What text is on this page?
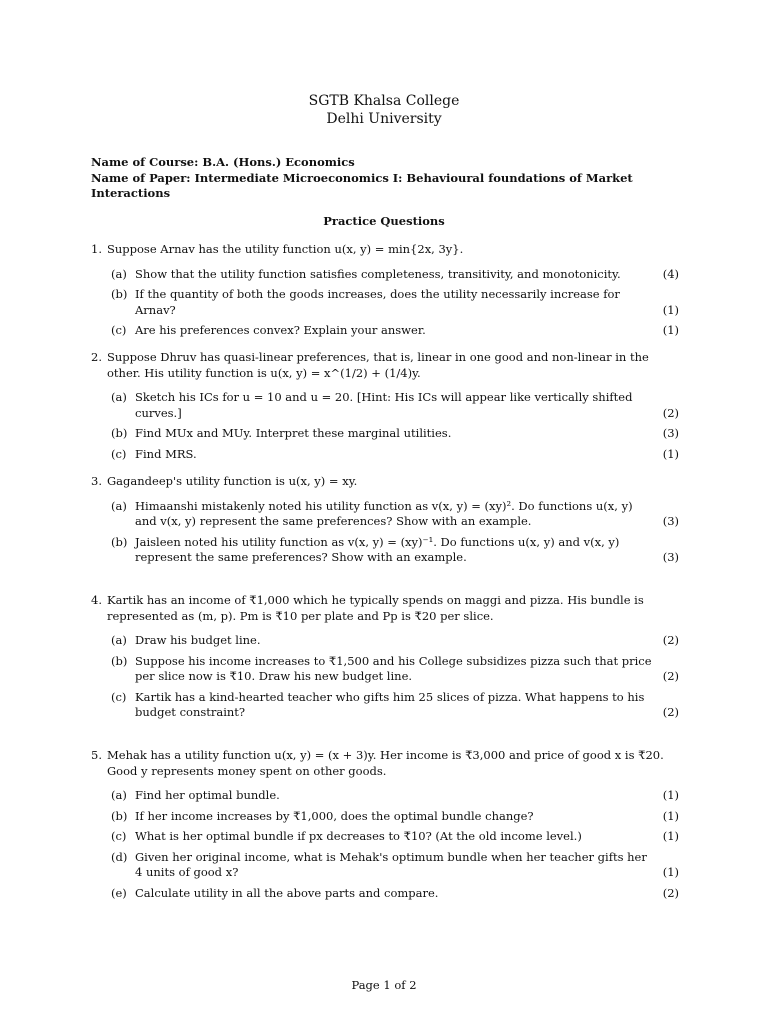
SGTB Khalsa College
Delhi University
Name of Course: B.A. (Hons.) Economics
Name of Paper: Intermediate Microeconomics I: Behavioural foundations of Market Interactions
Practice Questions
1. Suppose Arnav has the utility function u(x, y) = min{2x, 3y}.
(a) Show that the utility function satisfies completeness, transitivity, and monotonicity.	(4)
(b) If the quantity of both the goods increases, does the utility necessarily increase for Arnav?	(1)
(c) Are his preferences convex? Explain your answer.	(1)
2. Suppose Dhruv has quasi-linear preferences, that is, linear in one good and non-linear in the other. His utility function is u(x, y) = x^(1/2) + (1/4)y.
(a) Sketch his ICs for u = 10 and u = 20. [Hint: His ICs will appear like vertically shifted curves.]	(2)
(b) Find MUx and MUy. Interpret these marginal utilities.	(3)
(c) Find MRS.	(1)
3. Gagandeep's utility function is u(x, y) = xy.
(a) Himaanshi mistakenly noted his utility function as v(x, y) = (xy)². Do functions u(x, y) and v(x, y) represent the same preferences? Show with an example.	(3)
(b) Jaisleen noted his utility function as v(x, y) = (xy)⁻¹. Do functions u(x, y) and v(x, y) represent the same preferences? Show with an example.	(3)
4. Kartik has an income of ₹1,000 which he typically spends on maggi and pizza. His bundle is represented as (m, p). Pm is ₹10 per plate and Pp is ₹20 per slice.
(a) Draw his budget line.	(2)
(b) Suppose his income increases to ₹1,500 and his College subsidizes pizza such that price per slice now is ₹10. Draw his new budget line.	(2)
(c) Kartik has a kind-hearted teacher who gifts him 25 slices of pizza. What happens to his budget constraint?	(2)
5. Mehak has a utility function u(x, y) = (x + 3)y. Her income is ₹3,000 and price of good x is ₹20. Good y represents money spent on other goods.
(a) Find her optimal bundle.	(1)
(b) If her income increases by ₹1,000, does the optimal bundle change?	(1)
(c) What is her optimal bundle if px decreases to ₹10? (At the old income level.)	(1)
(d) Given her original income, what is Mehak's optimum bundle when her teacher gifts her 4 units of good x?	(1)
(e) Calculate utility in all the above parts and compare.	(2)
Page 1 of 2
